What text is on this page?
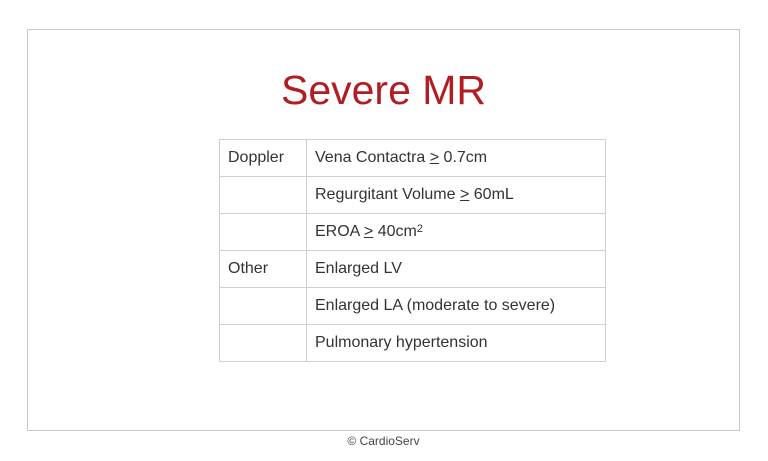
Severe MR
Doppler	Vena Contactra ≥ 0.7cm
	Regurgitant Volume ≥ 60mL
	EROA ≥ $40cm^2$
Other	Enlarged LV
	Enlarged LA (moderate to severe)
	Pulmonary hypertension
© CardioServ
